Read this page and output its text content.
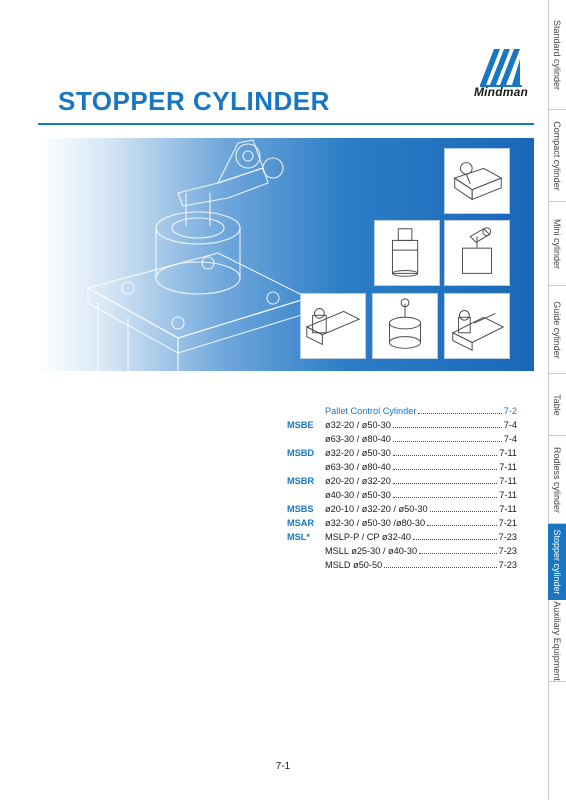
Mindman
STOPPER CYLINDER
Pallet Control Cylinder	7-2
MSBE	ø32-20 / ø50-30	7-4
ø63-30 / ø80-40	7-4
MSBD	ø32-20 / ø50-30	7-11
ø63-30 / ø80-40	7-11
MSBR	ø20-20 / ø32-20	7-11
ø40-30 / ø50-30	7-11
MSBS	ø20-10 / ø32-20 / ø50-30	7-11
MSAR	ø32-30 / ø50-30 /ø80-30	7-21
MSL*	MSLP-P / CP ø32-40	7-23
MSLL ø25-30 / ø40-30	7-23
MSLD ø50-50	7-23
Standard cylinder
Compact cylinder
Mini cylinder
Guide cylinder
Table
Rodless cylinder
Stopper cylinder
Auxiliary Equipment
7-1
